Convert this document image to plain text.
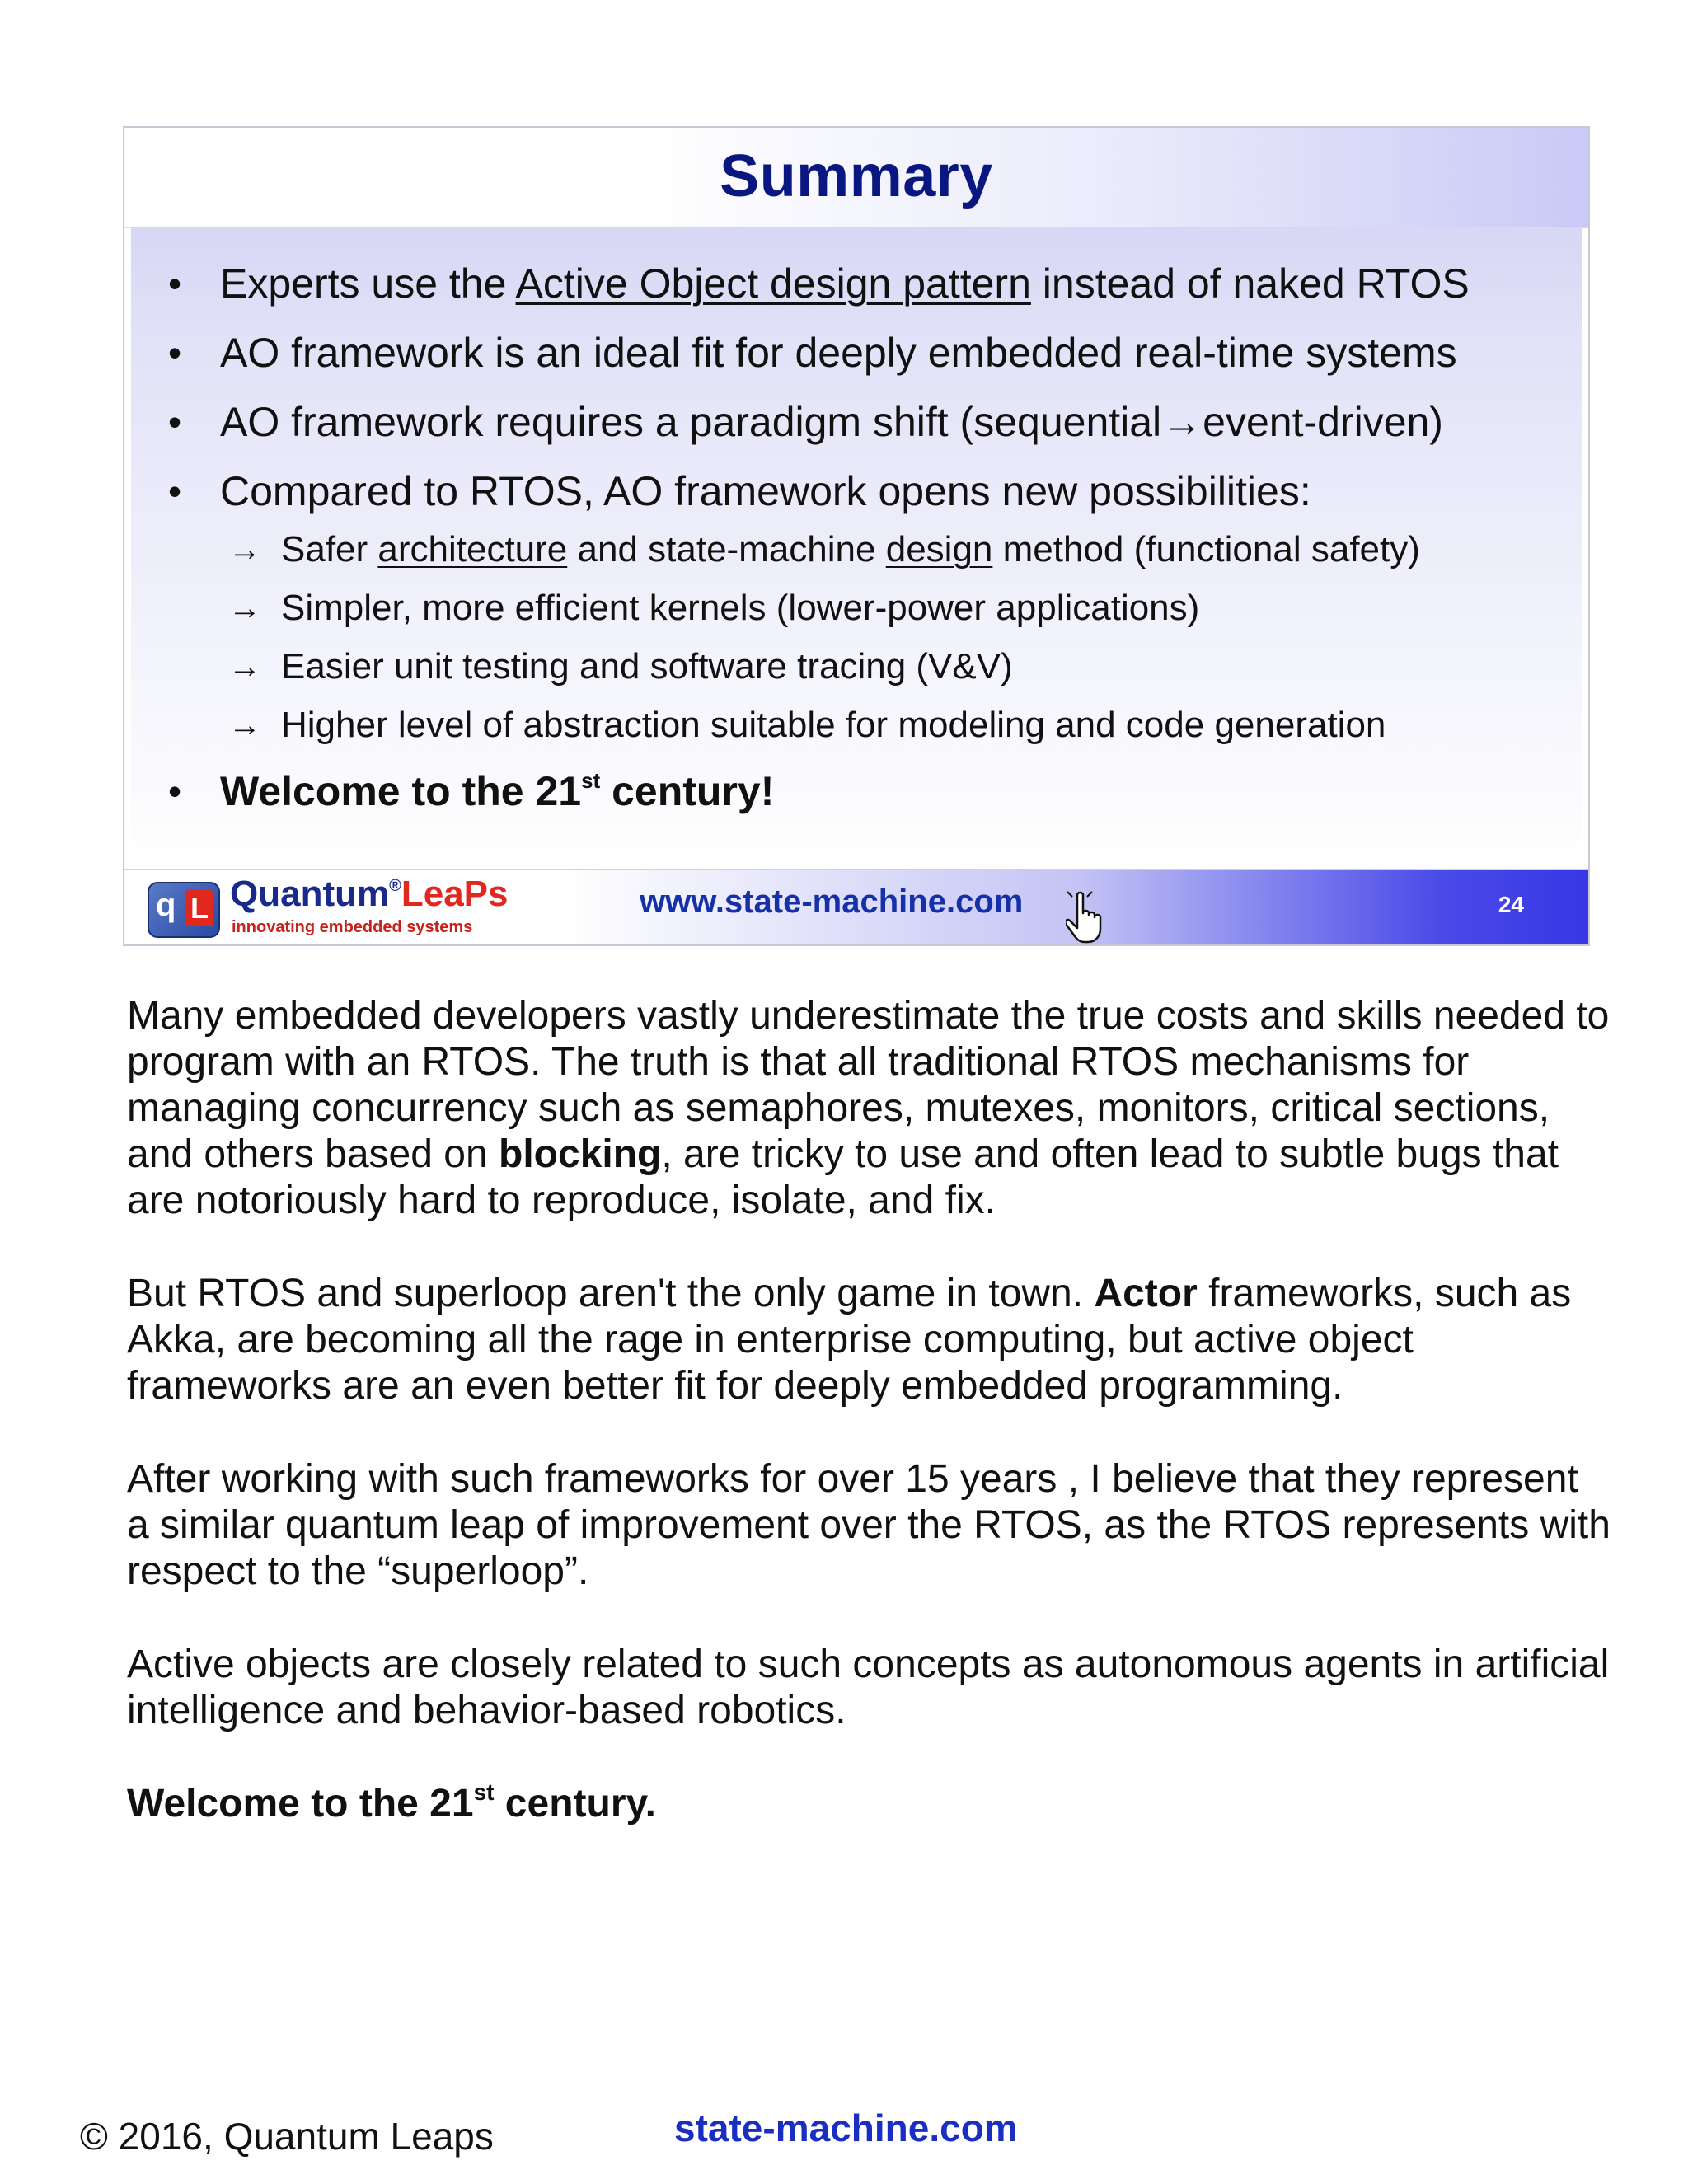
Summary
• Experts use the Active Object design pattern instead of naked RTOS
• AO framework is an ideal fit for deeply embedded real-time systems
• AO framework requires a paradigm shift (sequential→event-driven)
• Compared to RTOS, AO framework opens new possibilities:
→ Safer architecture and state-machine design method (functional safety)
→ Simpler, more efficient kernels (lower-power applications)
→ Easier unit testing and software tracing (V&V)
→ Higher level of abstraction suitable for modeling and code generation
• Welcome to the 21st century!
q L Quantum®LeaPs
innovating embedded systems
www.state-machine.com	24

Many embedded developers vastly underestimate the true costs and skills needed to program with an RTOS. The truth is that all traditional RTOS mechanisms for managing concurrency such as semaphores, mutexes, monitors, critical sections, and others based on blocking, are tricky to use and often lead to subtle bugs that are notoriously hard to reproduce, isolate, and fix.

But RTOS and superloop aren't the only game in town. Actor frameworks, such as Akka, are becoming all the rage in enterprise computing, but active object frameworks are an even better fit for deeply embedded programming.

After working with such frameworks for over 15 years , I believe that they represent a similar quantum leap of improvement over the RTOS, as the RTOS represents with respect to the “superloop”.

Active objects are closely related to such concepts as autonomous agents in artificial intelligence and behavior-based robotics.

Welcome to the 21st century.

© 2016, Quantum Leaps	state-machine.com
